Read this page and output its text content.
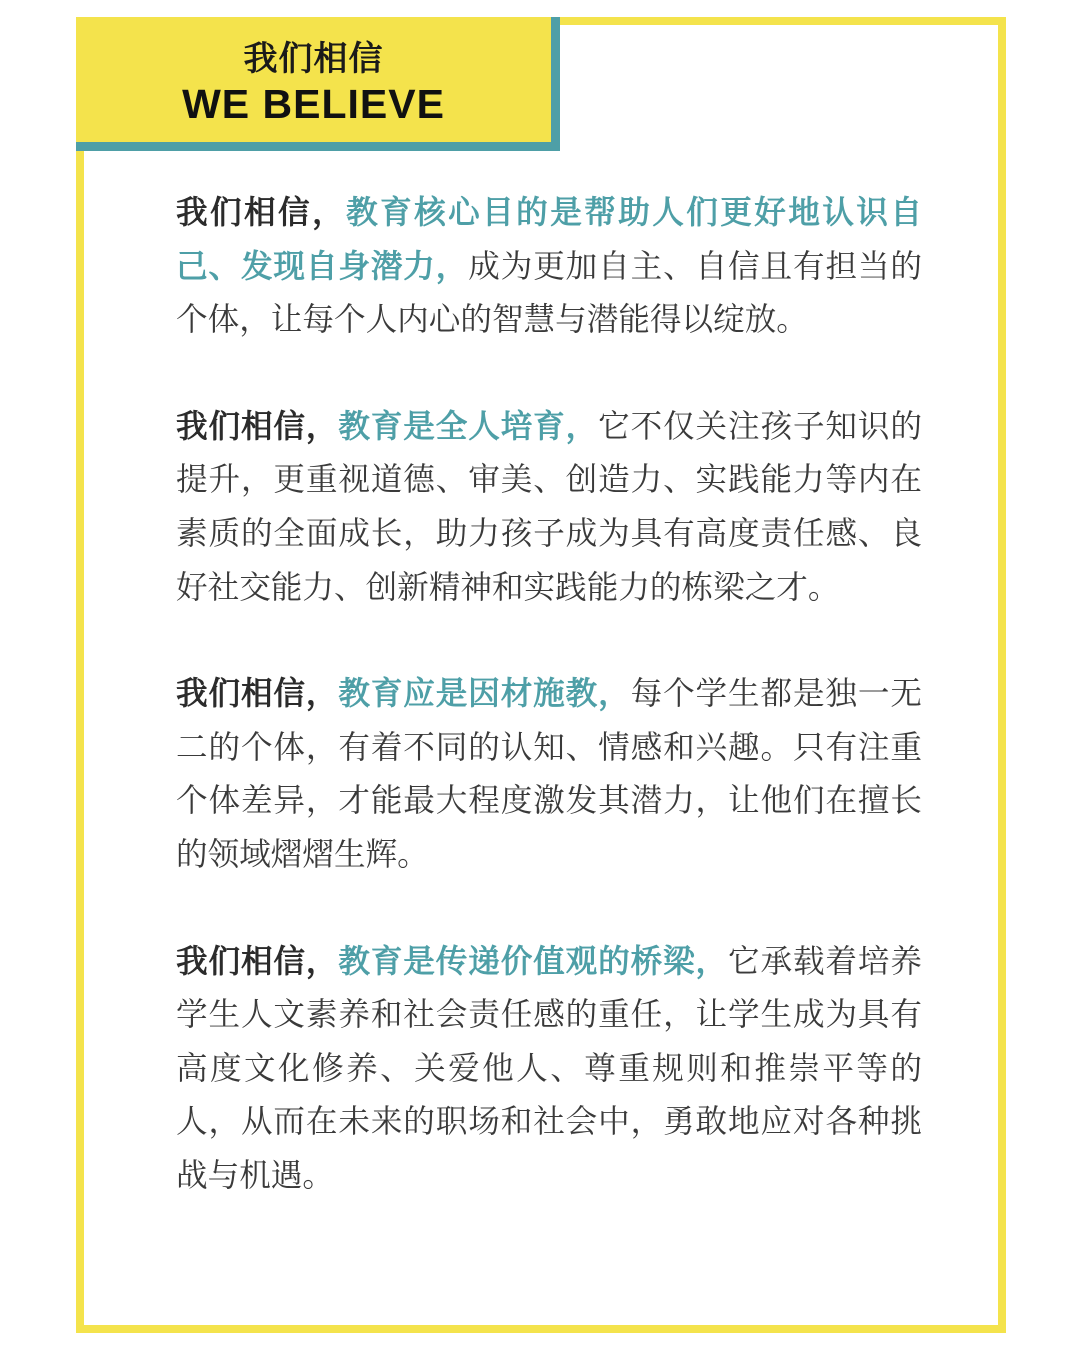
我们相信
WE BELIEVE

我们相信，教育核心目的是帮助人们更好地认识自己、发现自身潜力，成为更加自主、自信且有担当的个体，让每个人内心的智慧与潜能得以绽放。

我们相信，教育是全人培育，它不仅关注孩子知识的提升，更重视道德、审美、创造力、实践能力等内在素质的全面成长，助力孩子成为具有高度责任感、良好社交能力、创新精神和实践能力的栋梁之才。

我们相信，教育应是因材施教，每个学生都是独一无二的个体，有着不同的认知、情感和兴趣。只有注重个体差异，才能最大程度激发其潜力，让他们在擅长的领域熠熠生辉。

我们相信，教育是传递价值观的桥梁，它承载着培养学生人文素养和社会责任感的重任，让学生成为具有高度文化修养、关爱他人、尊重规则和推崇平等的人，从而在未来的职场和社会中，勇敢地应对各种挑战与机遇。
